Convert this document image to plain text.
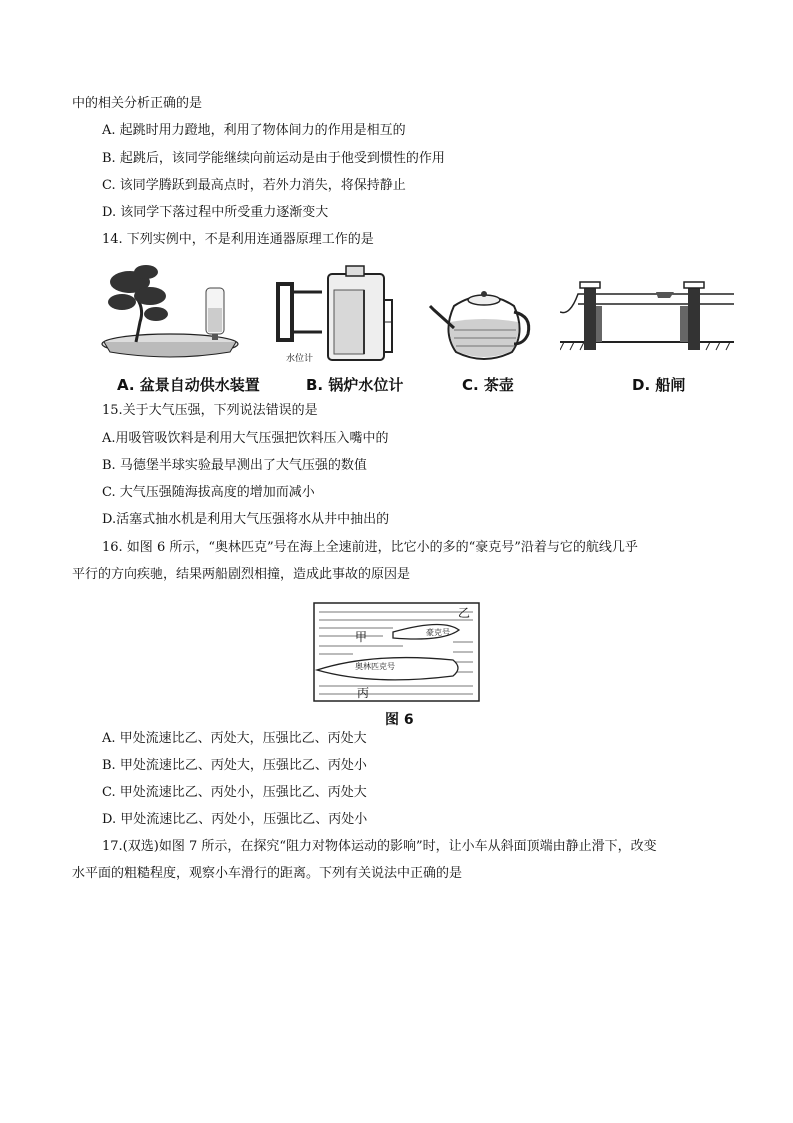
中的相关分析正确的是
A. 起跳时用力蹬地，利用了物体间力的作用是相互的
B. 起跳后，该同学能继续向前运动是由于他受到惯性的作用
C. 该同学腾跃到最高点时，若外力消失，将保持静止
D. 该同学下落过程中所受重力逐渐变大
14. 下列实例中，不是利用连通器原理工作的是
水位计
A. 盆景自动供水装置	B. 锅炉水位计	C. 茶壶	D. 船闸
15.关于大气压强，下列说法错误的是
A.用吸管吸饮料是利用大气压强把饮料压入嘴中的
B. 马德堡半球实验最早测出了大气压强的数值
C. 大气压强随海拔高度的增加而减小
D.活塞式抽水机是利用大气压强将水从井中抽出的
16. 如图 6 所示，“奥林匹克”号在海上全速前进，比它小的多的“豪克号”沿着与它的航线几乎
平行的方向疾驰，结果两船剧烈相撞，造成此事故的原因是
乙
甲
丙
豪克号
奥林匹克号
图 6
A. 甲处流速比乙、丙处大，压强比乙、丙处大
B. 甲处流速比乙、丙处大，压强比乙、丙处小
C. 甲处流速比乙、丙处小，压强比乙、丙处大
D. 甲处流速比乙、丙处小，压强比乙、丙处小
17.(双选)如图 7 所示，在探究“阻力对物体运动的影响”时，让小车从斜面顶端由静止滑下，改变
水平面的粗糙程度，观察小车滑行的距离。下列有关说法中正确的是
